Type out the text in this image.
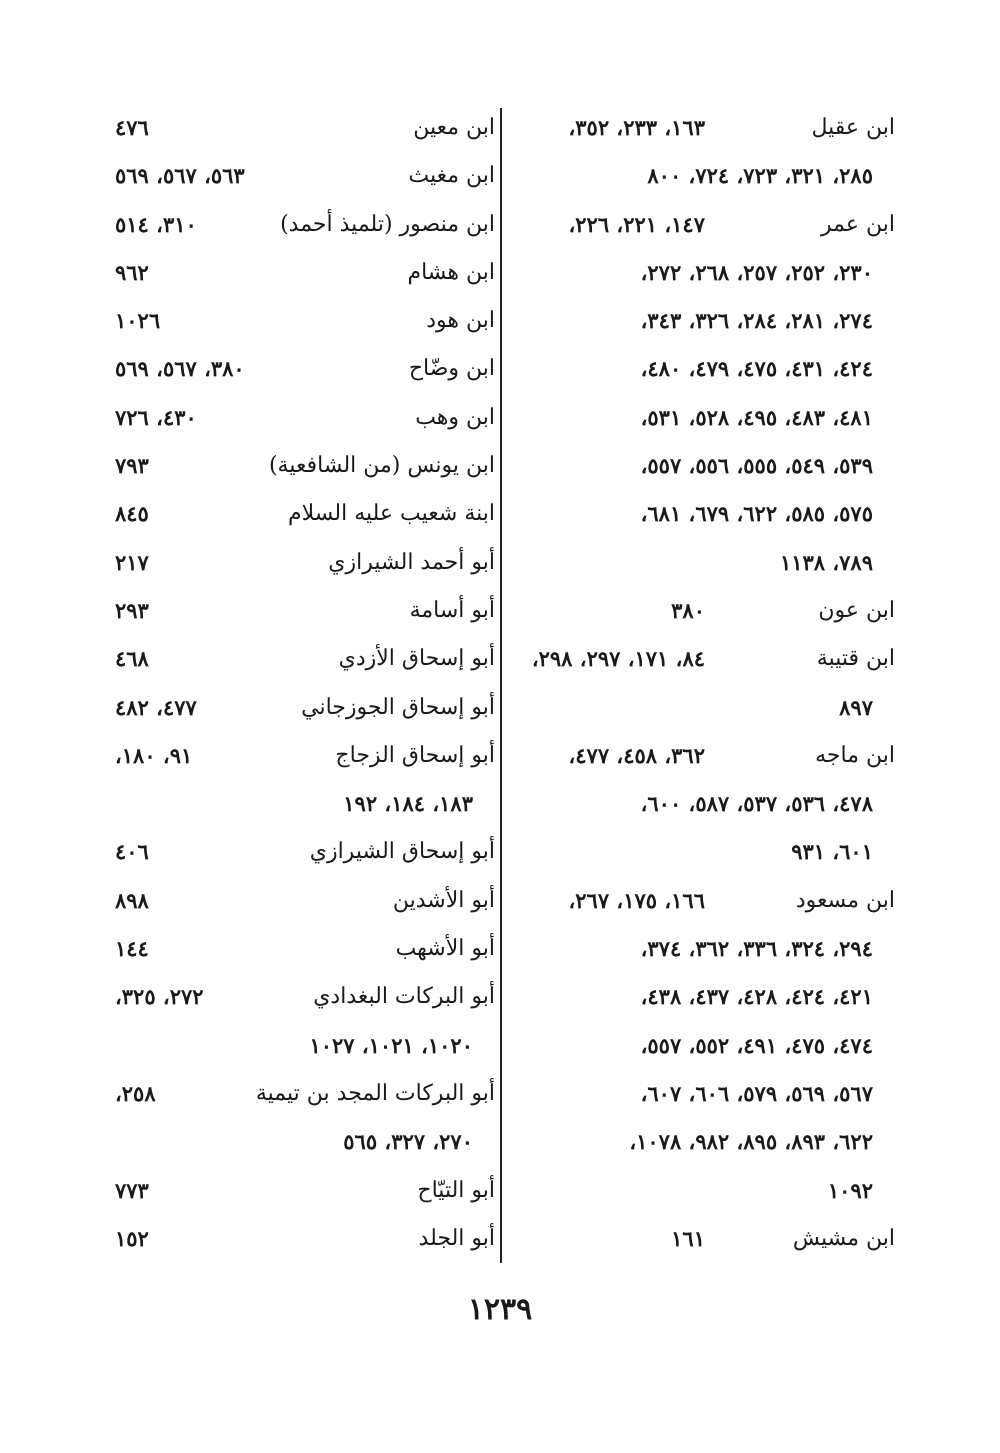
ابن عقيل
١٦٣، ٢٣٣، ٣٥٢،
٢٨٥، ٣٢١، ٧٢٣، ٧٢٤، ٨٠٠
ابن عمر
١٤٧، ٢٢١، ٢٢٦،
٢٣٠، ٢٥٢، ٢٥٧، ٢٦٨، ٢٧٢،
٢٧٤، ٢٨١، ٢٨٤، ٣٢٦، ٣٤٣،
٤٢٤، ٤٣١، ٤٧٥، ٤٧٩، ٤٨٠،
٤٨١، ٤٨٣، ٤٩٥، ٥٢٨، ٥٣١،
٥٣٩، ٥٤٩، ٥٥٥، ٥٥٦، ٥٥٧،
٥٧٥، ٥٨٥، ٦٢٢، ٦٧٩، ٦٨١،
٧٨٩، ١١٣٨
ابن عون
٣٨٠
ابن قتيبة
٨٤، ١٧١، ٢٩٧، ٢٩٨،
٨٩٧
ابن ماجه
٣٦٢، ٤٥٨، ٤٧٧،
٤٧٨، ٥٣٦، ٥٣٧، ٥٨٧، ٦٠٠،
٦٠١، ٩٣١
ابن مسعود
١٦٦، ١٧٥، ٢٦٧،
٢٩٤، ٣٢٤، ٣٣٦، ٣٦٢، ٣٧٤،
٤٢١، ٤٢٤، ٤٢٨، ٤٣٧، ٤٣٨،
٤٧٤، ٤٧٥، ٤٩١، ٥٥٢، ٥٥٧،
٥٦٧، ٥٦٩، ٥٧٩، ٦٠٦، ٦٠٧،
٦٢٢، ٨٩٣، ٨٩٥، ٩٨٢، ١٠٧٨،
١٠٩٢
ابن مشيش
١٦١
ابن معين
٤٧٦
ابن مغيث
٥٦٣، ٥٦٧، ٥٦٩
ابن منصور (تلميذ أحمد)
٣١٠، ٥١٤
ابن هشام
٩٦٢
ابن هود
١٠٢٦
ابن وضّاح
٣٨٠، ٥٦٧، ٥٦٩
ابن وهب
٤٣٠، ٧٢٦
ابن يونس (من الشافعية)
٧٩٣
ابنة شعيب عليه السلام
٨٤٥
أبو أحمد الشيرازي
٢١٧
أبو أسامة
٢٩٣
أبو إسحاق الأزدي
٤٦٨
أبو إسحاق الجوزجاني
٤٧٧، ٤٨٢
أبو إسحاق الزجاج
٩١، ١٨٠،
١٨٣، ١٨٤، ١٩٢
أبو إسحاق الشيرازي
٤٠٦
أبو الأشدين
٨٩٨
أبو الأشهب
١٤٤
أبو البركات البغدادي
٢٧٢، ٣٢٥،
١٠٢٠، ١٠٢١، ١٠٢٧
أبو البركات المجد بن تيمية
٢٥٨،
٢٧٠، ٣٢٧، ٥٦٥
أبو التيّاح
٧٧٣
أبو الجلد
١٥٢
١٢٣٩
